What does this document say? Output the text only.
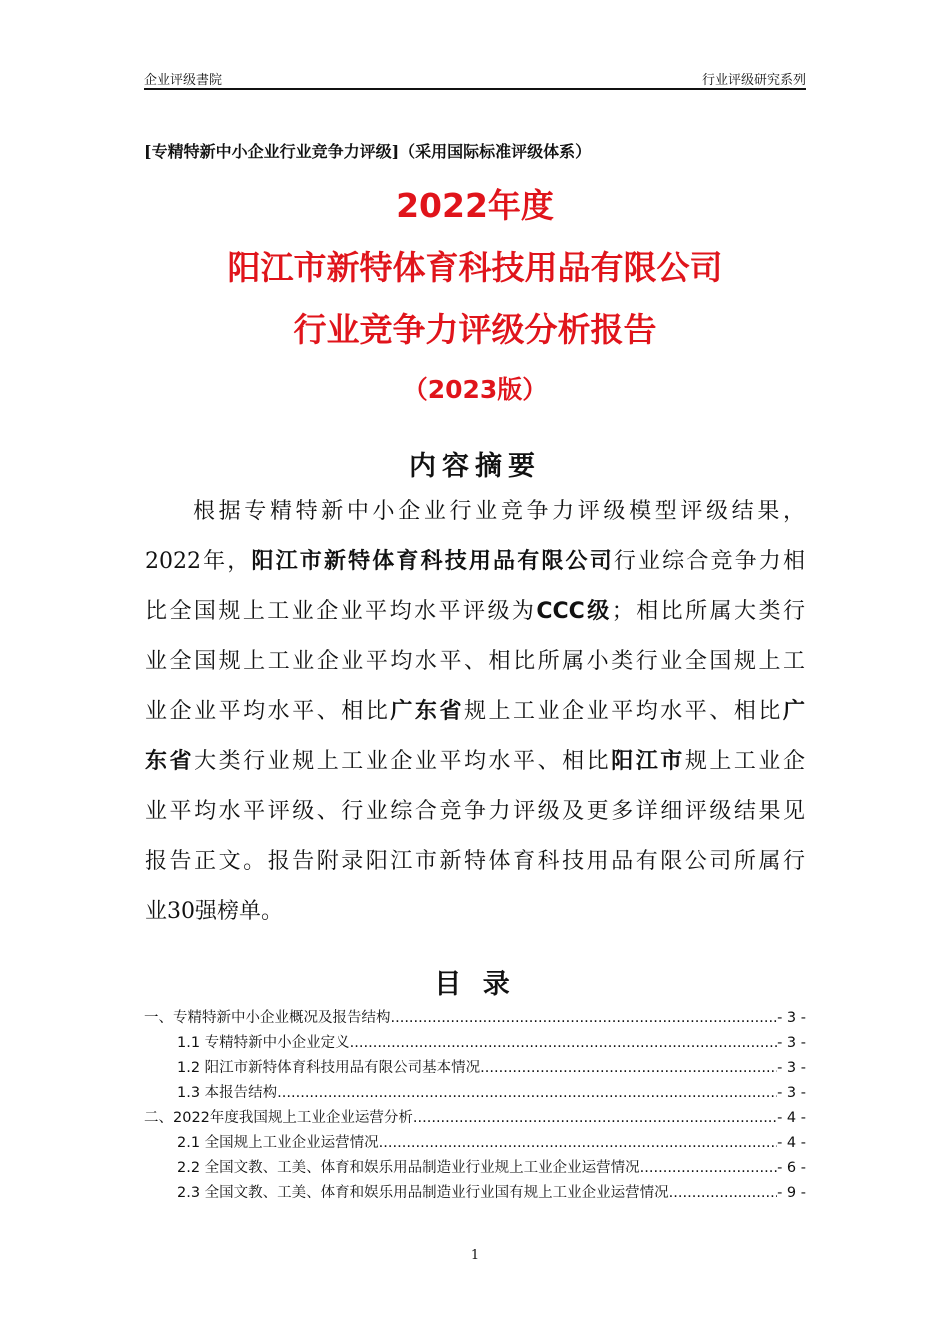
企业评级書院	行业评级研究系列
[专精特新中小企业行业竞争力评级]（采用国际标准评级体系）
2022年度
阳江市新特体育科技用品有限公司
行业竞争力评级分析报告
（2023版）
内容摘要
根据专精特新中小企业行业竞争力评级模型评级结果，
2022年，阳江市新特体育科技用品有限公司行业综合竞争力相
比全国规上工业企业平均水平评级为CCC级；相比所属大类行
业全国规上工业企业平均水平、相比所属小类行业全国规上工
业企业平均水平、相比广东省规上工业企业平均水平、相比广
东省大类行业规上工业企业平均水平、相比阳江市规上工业企
业平均水平评级、行业综合竞争力评级及更多详细评级结果见
报告正文。报告附录阳江市新特体育科技用品有限公司所属行
业30强榜单。
目 录
一、专精特新中小企业概况及报告结构 .....	- 3 -
1.1 专精特新中小企业定义 .....	- 3 -
1.2 阳江市新特体育科技用品有限公司基本情况 .....	- 3 -
1.3 本报告结构 .....	- 3 -
二、2022年度我国规上工业企业运营分析 .....	- 4 -
2.1 全国规上工业企业运营情况 .....	- 4 -
2.2 全国文教、工美、体育和娱乐用品制造业行业规上工业企业运营情况 .....	- 6 -
2.3 全国文教、工美、体育和娱乐用品制造业行业国有规上工业企业运营情况 .....	- 9 -
1
